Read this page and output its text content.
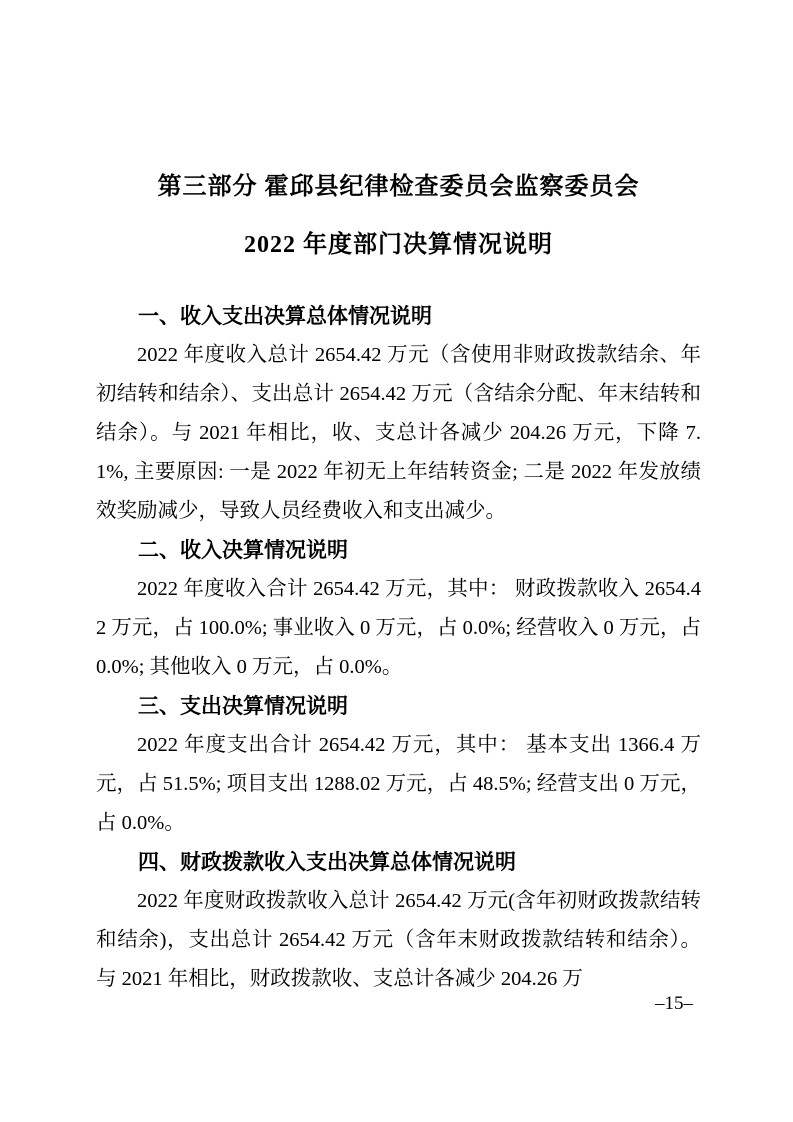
第三部分 霍邱县纪律检查委员会监察委员会
2022 年度部门决算情况说明
一、收入支出决算总体情况说明

2022 年度收入总计 2654.42 万元（含使用非财政拨款结余、年初结转和结余）、支出总计 2654.42 万元（含结余分配、年末结转和结余）。与 2021 年相比，收、支总计各减少 204.26 万元，下降 7.1%, 主要原因: 一是 2022 年初无上年结转资金; 二是 2022 年发放绩效奖励减少，导致人员经费收入和支出减少。

二、收入决算情况说明

2022 年度收入合计 2654.42 万元，其中： 财政拨款收入 2654.42 万元，占 100.0%; 事业收入 0 万元，占 0.0%; 经营收入 0 万元，占 0.0%; 其他收入 0 万元，占 0.0%。

三、支出决算情况说明

2022 年度支出合计 2654.42 万元，其中： 基本支出 1366.4 万元，占 51.5%; 项目支出 1288.02 万元，占 48.5%; 经营支出 0 万元，占 0.0%。

四、财政拨款收入支出决算总体情况说明

2022 年度财政拨款收入总计 2654.42 万元(含年初财政拨款结转和结余)，支出总计 2654.42 万元（含年末财政拨款结转和结余）。与 2021 年相比，财政拨款收、支总计各减少 204.26 万

–15–
